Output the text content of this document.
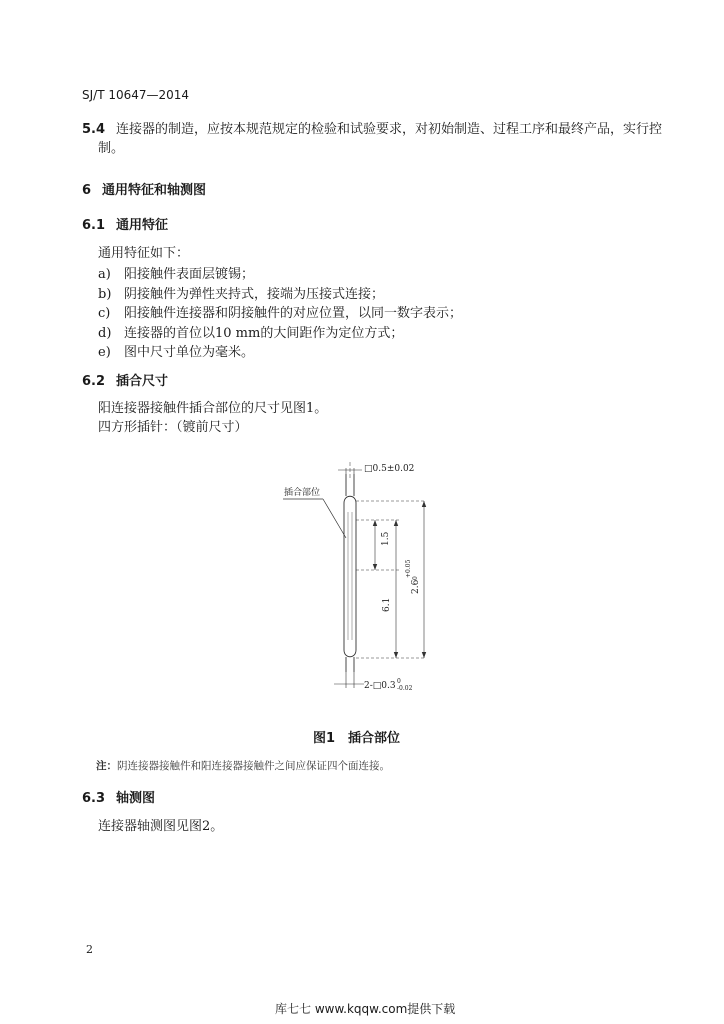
SJ/T 10647—2014
5.4 连接器的制造，应按本规范规定的检验和试验要求，对初始制造、过程工序和最终产品，实行控
制。
6 通用特征和轴测图
6.1 通用特征
通用特征如下：
a) 阳接触件表面层镀锡；
b) 阴接触件为弹性夹持式，接端为压接式连接；
c) 阳接触件连接器和阴接触件的对应位置，以同一数字表示；
d) 连接器的首位以10 mm的大间距作为定位方式；
e) 图中尺寸单位为毫米。
6.2 插合尺寸
阳连接器接触件插合部位的尺寸见图1。
四方形插针：（镀前尺寸）
插合部位
□0.5±0.02
1.5
6.1
2.6
+0.05
0
2-□0.3 0
-0.02
图1　插合部位
注：阴连接器接触件和阳连接器接触件之间应保证四个面连接。
6.3 轴测图
连接器轴测图见图2。
2
库七七 www.kqqw.com提供下载
